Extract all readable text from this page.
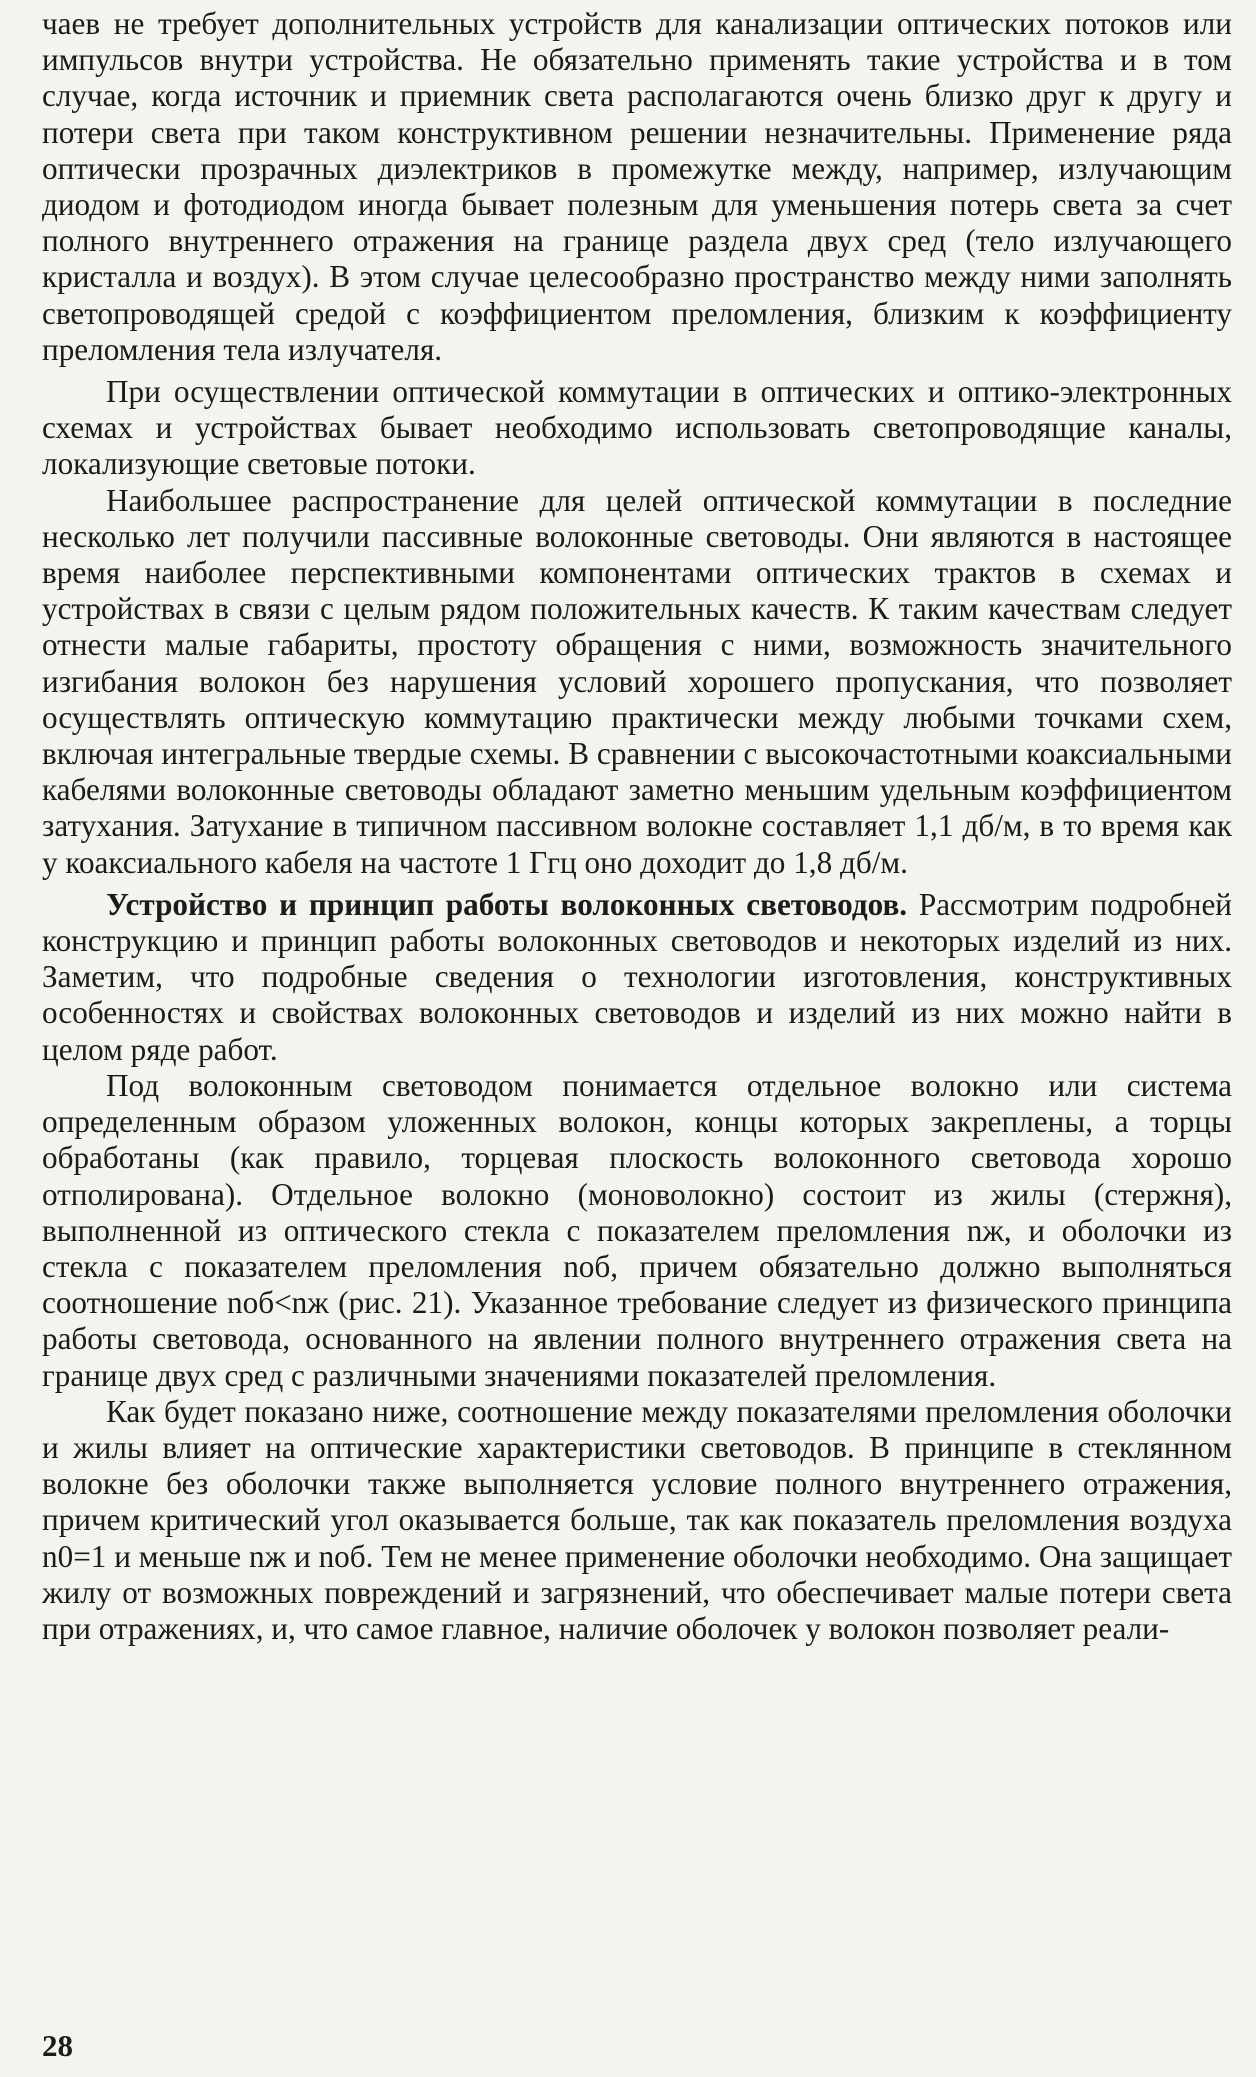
чаев не требует дополнительных устройств для канализации оптических потоков или импульсов внутри устройства. Не обязательно применять такие устройства и в том случае, когда источник и приемник света располагаются очень близко друг к другу и потери света при таком конструктивном решении незначительны. Применение ряда оптически прозрачных диэлектриков в промежутке между, например, излучающим диодом и фотодиодом иногда бывает полезным для уменьшения потерь света за счет полного внутреннего отражения на границе раздела двух сред (тело излучающего кристалла и воздух). В этом случае целесообразно пространство между ними заполнять светопроводящей средой с коэффициентом преломления, близким к коэффициенту преломления тела излучателя.

При осуществлении оптической коммутации в оптических и оптико-электронных схемах и устройствах бывает необходимо использовать светопроводящие каналы, локализующие световые потоки.

Наибольшее распространение для целей оптической коммутации в последние несколько лет получили пассивные волоконные световоды. Они являются в настоящее время наиболее перспективными компонентами оптических трактов в схемах и устройствах в связи с целым рядом положительных качеств. К таким качествам следует отнести малые габариты, простоту обращения с ними, возможность значительного изгибания волокон без нарушения условий хорошего пропускания, что позволяет осуществлять оптическую коммутацию практически между любыми точками схем, включая интегральные твердые схемы. В сравнении с высокочастотными коаксиальными кабелями волоконные световоды обладают заметно меньшим удельным коэффициентом затухания. Затухание в типичном пассивном волокне составляет 1,1 дб/м, в то время как у коаксиального кабеля на частоте 1 Ггц оно доходит до 1,8 дб/м.

Устройство и принцип работы волоконных световодов. Рассмотрим подробней конструкцию и принцип работы волоконных световодов и некоторых изделий из них. Заметим, что подробные сведения о технологии изготовления, конструктивных особенностях и свойствах волоконных световодов и изделий из них можно найти в целом ряде работ.

Под волоконным световодом понимается отдельное волокно или система определенным образом уложенных волокон, концы которых закреплены, а торцы обработаны (как правило, торцевая плоскость волоконного световода хорошо отполирована). Отдельное волокно (моноволокно) состоит из жилы (стержня), выполненной из оптического стекла с показателем преломления nж, и оболочки из стекла с показателем преломления nоб, причем обязательно должно выполняться соотношение nоб<nж (рис. 21). Указанное требование следует из физического принципа работы световода, основанного на явлении полного внутреннего отражения света на границе двух сред с различными значениями показателей преломления.

Как будет показано ниже, соотношение между показателями преломления оболочки и жилы влияет на оптические характеристики световодов. В принципе в стеклянном волокне без оболочки также выполняется условие полного внутреннего отражения, причем критический угол оказывается больше, так как показатель преломления воздуха n0=1 и меньше nж и nоб. Тем не менее применение оболочки необходимо. Она защищает жилу от возможных повреждений и загрязнений, что обеспечивает малые потери света при отражениях, и, что самое главное, наличие оболочек у волокон позволяет реали-

28
